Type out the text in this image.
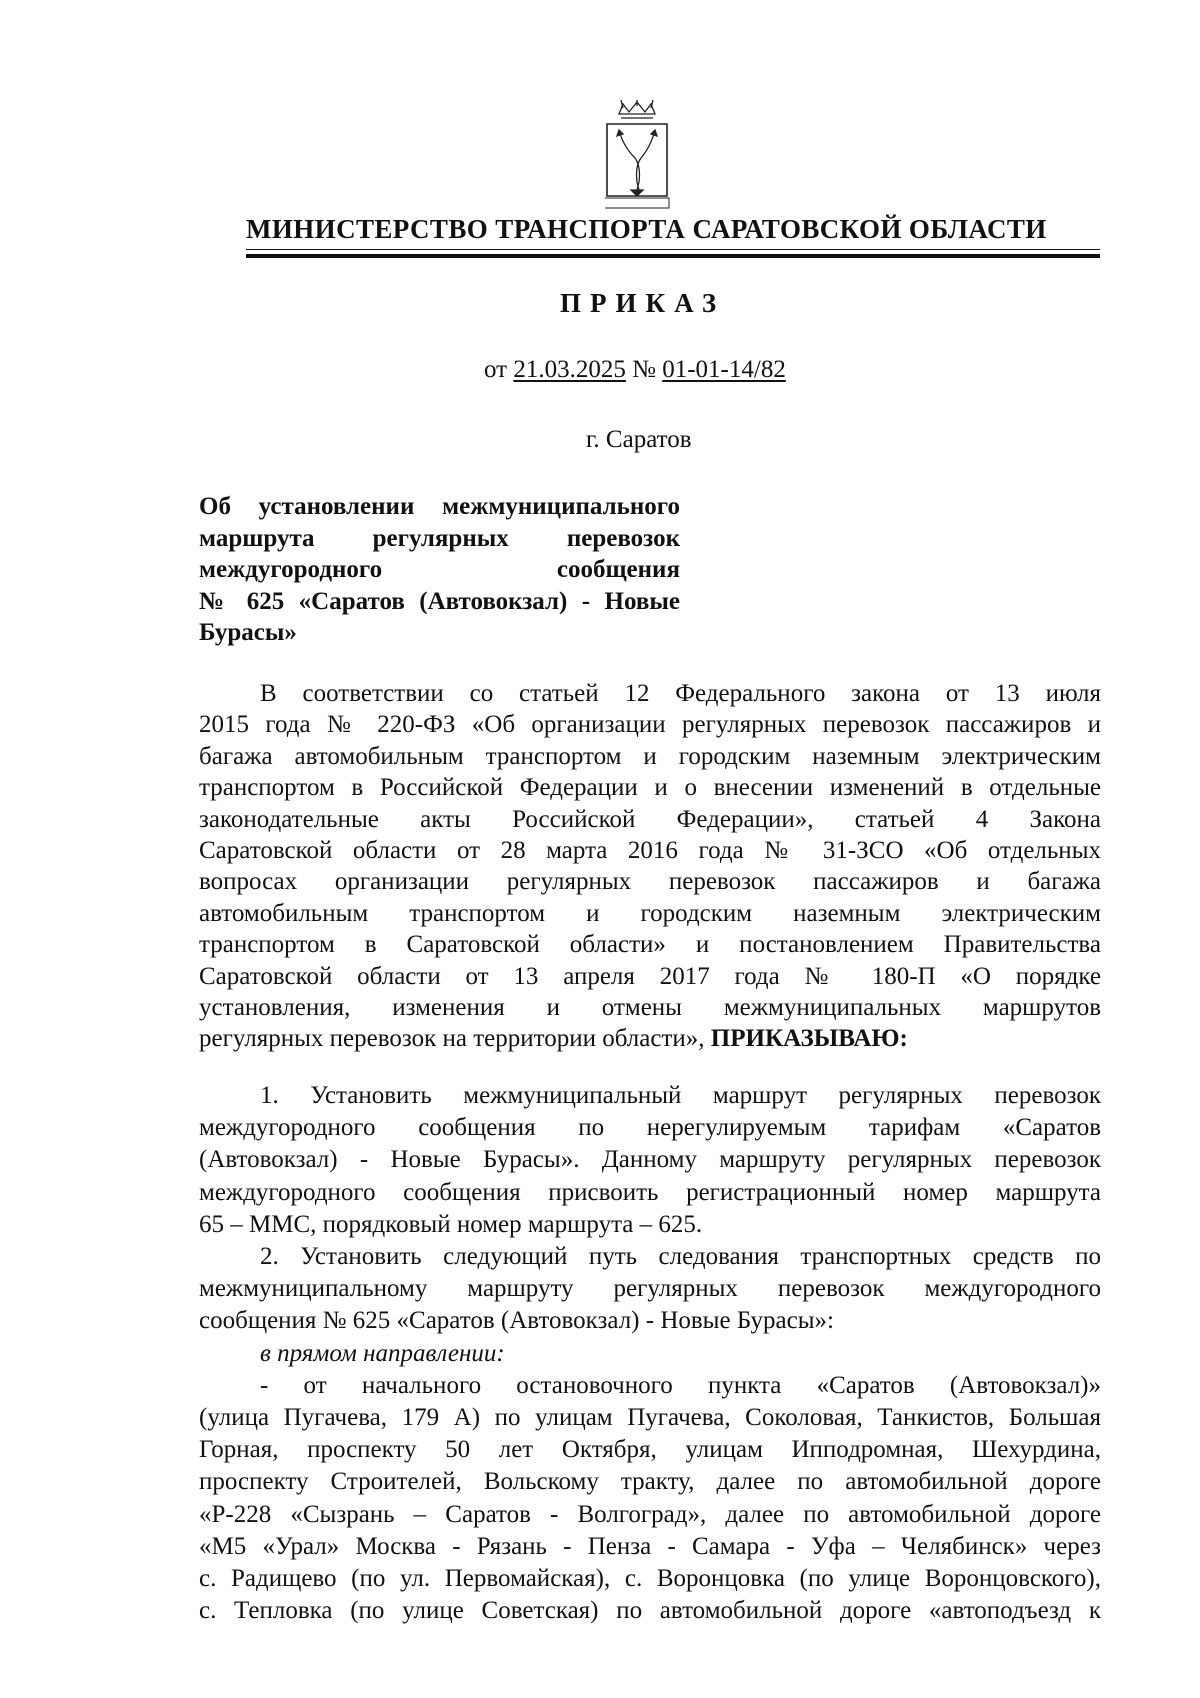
МИНИСТЕРСТВО ТРАНСПОРТА САРАТОВСКОЙ ОБЛАСТИ
ПРИКАЗ
от 21.03.2025 № 01-01-14/82
г. Саратов
Об установлении межмуниципального
маршрута регулярных перевозок
междугородного сообщения
№ 625 «Саратов (Автовокзал) - Новые
Бурасы»
В соответствии со статьей 12 Федерального закона от 13 июля
2015 года № 220-ФЗ «Об организации регулярных перевозок пассажиров и
багажа автомобильным транспортом и городским наземным электрическим
транспортом в Российской Федерации и о внесении изменений в отдельные
законодательные акты Российской Федерации», статьей 4 Закона
Саратовской области от 28 марта 2016 года № 31-ЗСО «Об отдельных
вопросах организации регулярных перевозок пассажиров и багажа
автомобильным транспортом и городским наземным электрическим
транспортом в Саратовской области» и постановлением Правительства
Саратовской области от 13 апреля 2017 года № 180-П «О порядке
установления, изменения и отмены межмуниципальных маршрутов
регулярных перевозок на территории области», ПРИКАЗЫВАЮ:
1. Установить межмуниципальный маршрут регулярных перевозок
междугородного сообщения по нерегулируемым тарифам «Саратов
(Автовокзал) - Новые Бурасы». Данному маршруту регулярных перевозок
междугородного сообщения присвоить регистрационный номер маршрута
65 – ММС, порядковый номер маршрута – 625.
2. Установить следующий путь следования транспортных средств по
межмуниципальному маршруту регулярных перевозок междугородного
сообщения № 625 «Саратов (Автовокзал) - Новые Бурасы»:
в прямом направлении:
- от начального остановочного пункта «Саратов (Автовокзал)»
(улица Пугачева, 179 А) по улицам Пугачева, Соколовая, Танкистов, Большая
Горная, проспекту 50 лет Октября, улицам Ипподромная, Шехурдина,
проспекту Строителей, Вольскому тракту, далее по автомобильной дороге
«Р-228 «Сызрань – Саратов - Волгоград», далее по автомобильной дороге
«М5 «Урал» Москва - Рязань - Пенза - Самара - Уфа – Челябинск» через
с. Радищево (по ул. Первомайская), с. Воронцовка (по улице Воронцовского),
с. Тепловка (по улице Советская) по автомобильной дороге «автоподъезд к
